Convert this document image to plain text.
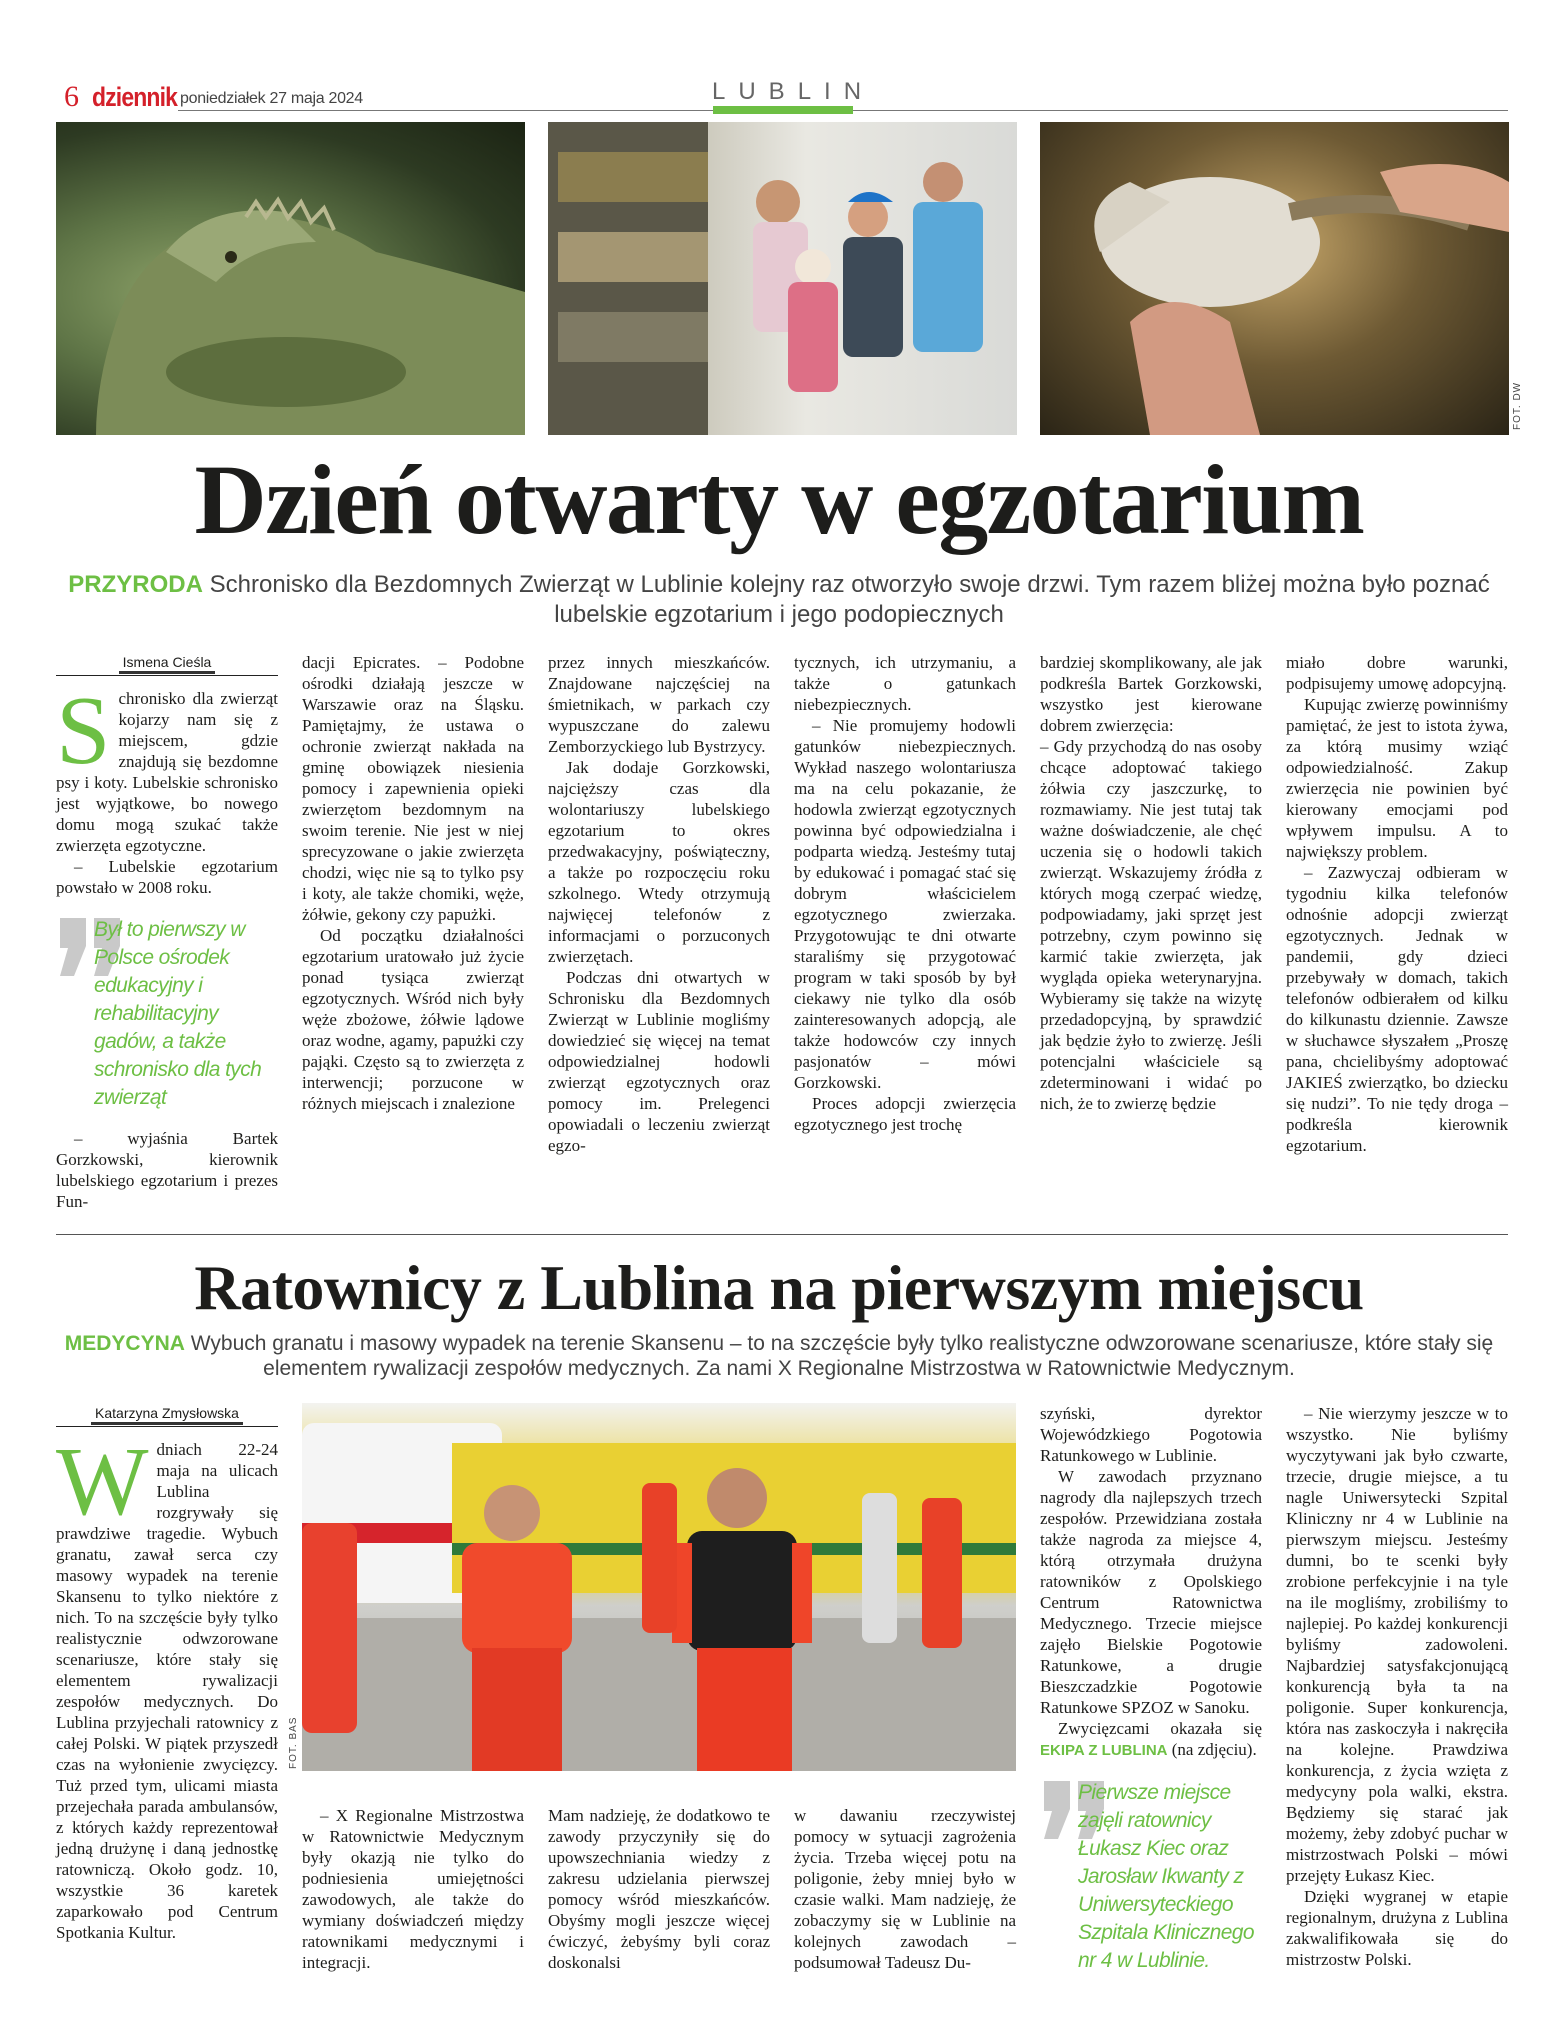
6 dziennik poniedziałek 27 maja 2024	LUBLIN
FOT. DW
Dzień otwarty w egzotarium
PRZYRODA Schronisko dla Bezdomnych Zwierząt w Lublinie kolejny raz otworzyło swoje drzwi. Tym razem bliżej można było poznać lubelskie egzotarium i jego podopiecznych
Ismena Cieśla
S chronisko dla zwierząt kojarzy nam się z miejscem, gdzie znajdują się bezdomne psy i koty. Lubelskie schronisko jest wyjątkowe, bo nowego domu mogą szukać także zwierzęta egzotyczne.

– Lubelskie egzotarium powstało w 2008 roku.

Był to pierwszy w Polsce ośrodek edukacyjny i rehabilitacyjny gadów, a także schronisko dla tych zwierząt

– wyjaśnia Bartek Gorzkowski, kierownik lubelskiego egzotarium i prezes Fun-

dacji Epicrates. – Podobne ośrodki działają jeszcze w Warszawie oraz na Śląsku. Pamiętajmy, że ustawa o ochronie zwierząt nakłada na gminę obowiązek niesienia pomocy i zapewnienia opieki zwierzętom bezdomnym na swoim terenie. Nie jest w niej sprecyzowane o jakie zwierzęta chodzi, więc nie są to tylko psy i koty, ale także chomiki, węże, żółwie, gekony czy papużki.

Od początku działalności egzotarium uratowało już życie ponad tysiąca zwierząt egzotycznych. Wśród nich były węże zbożowe, żółwie lądowe oraz wodne, agamy, papużki czy pająki. Często są to zwierzęta z interwencji; porzucone w różnych miejscach i znalezione

przez innych mieszkańców. Znajdowane najczęściej na śmietnikach, w parkach czy wypuszczane do zalewu Zemborzyckiego lub Bystrzycy.

Jak dodaje Gorzkowski, najcięższy czas dla wolontariuszy lubelskiego egzotarium to okres przedwakacyjny, poświąteczny, a także po rozpoczęciu roku szkolnego. Wtedy otrzymują najwięcej telefonów z informacjami o porzuconych zwierzętach.

Podczas dni otwartych w Schronisku dla Bezdomnych Zwierząt w Lublinie mogliśmy dowiedzieć się więcej na temat odpowiedzialnej hodowli zwierząt egzotycznych oraz pomocy im. Prelegenci opowiadali o leczeniu zwierząt egzo-

tycznych, ich utrzymaniu, a także o gatunkach niebezpiecznych.

– Nie promujemy hodowli gatunków niebezpiecznych. Wykład naszego wolontariusza ma na celu pokazanie, że hodowla zwierząt egzotycznych powinna być odpowiedzialna i podparta wiedzą. Jesteśmy tutaj by edukować i pomagać stać się dobrym właścicielem egzotycznego zwierzaka. Przygotowując te dni otwarte staraliśmy się przygotować program w taki sposób by był ciekawy nie tylko dla osób zainteresowanych adopcją, ale także hodowców czy innych pasjonatów – mówi Gorzkowski.

Proces adopcji zwierzęcia egzotycznego jest trochę

bardziej skomplikowany, ale jak podkreśla Bartek Gorzkowski, wszystko jest kierowane dobrem zwierzęcia:

– Gdy przychodzą do nas osoby chcące adoptować takiego żółwia czy jaszczurkę, to rozmawiamy. Nie jest tutaj tak ważne doświadczenie, ale chęć uczenia się o hodowli takich zwierząt. Wskazujemy źródła z których mogą czerpać wiedzę, podpowiadamy, jaki sprzęt jest potrzebny, czym powinno się karmić takie zwierzęta, jak wygląda opieka weterynaryjna. Wybieramy się także na wizytę przedadopcyjną, by sprawdzić jak będzie żyło to zwierzę. Jeśli potencjalni właściciele są zdeterminowani i widać po nich, że to zwierzę będzie

miało dobre warunki, podpisujemy umowę adopcyjną.

Kupując zwierzę powinniśmy pamiętać, że jest to istota żywa, za którą musimy wziąć odpowiedzialność. Zakup zwierzęcia nie powinien być kierowany emocjami pod wpływem impulsu. A to największy problem.

– Zazwyczaj odbieram w tygodniu kilka telefonów odnośnie adopcji zwierząt egzotycznych. Jednak w pandemii, gdy dzieci przebywały w domach, takich telefonów odbierałem od kilku do kilkunastu dziennie. Zawsze w słuchawce słyszałem „Proszę pana, chcielibyśmy adoptować JAKIEŚ zwierzątko, bo dziecku się nudzi”. To nie tędy droga – podkreśla kierownik egzotarium.

Ratownicy z Lublina na pierwszym miejscu
MEDYCYNA Wybuch granatu i masowy wypadek na terenie Skansenu – to na szczęście były tylko realistyczne odwzorowane scenariusze, które stały się elementem rywalizacji zespołów medycznych. Za nami X Regionalne Mistrzostwa w Ratownictwie Medycznym.
Katarzyna Zmysłowska
W dniach 22-24 maja na ulicach Lublina rozgrywały się prawdziwe tragedie. Wybuch granatu, zawał serca czy masowy wypadek na terenie Skansenu to tylko niektóre z nich. To na szczęście były tylko realistycznie odwzorowane scenariusze, które stały się elementem rywalizacji zespołów medycznych. Do Lublina przyjechali ratownicy z całej Polski. W piątek przyszedł czas na wyłonienie zwycięzcy. Tuż przed tym, ulicami miasta przejechała parada ambulansów, z których każdy reprezentował jedną drużynę i daną jednostkę ratowniczą. Około godz. 10, wszystkie 36 karetek zaparkowało pod Centrum Spotkania Kultur.

FOT. BAS

– X Regionalne Mistrzostwa w Ratownictwie Medycznym były okazją nie tylko do podniesienia umiejętności zawodowych, ale także do wymiany doświadczeń między ratownikami medycznymi i integracji.

Mam nadzieję, że dodatkowo te zawody przyczyniły się do upowszechniania wiedzy z zakresu udzielania pierwszej pomocy wśród mieszkańców. Obyśmy mogli jeszcze więcej ćwiczyć, żebyśmy byli coraz doskonalsi

w dawaniu rzeczywistej pomocy w sytuacji zagrożenia życia. Trzeba więcej potu na poligonie, żeby mniej było w czasie walki. Mam nadzieję, że zobaczymy się w Lublinie na kolejnych zawodach – podsumował Tadeusz Du-

szyński, dyrektor Wojewódzkiego Pogotowia Ratunkowego w Lublinie.

W zawodach przyznano nagrody dla najlepszych trzech zespołów. Przewidziana została także nagroda za miejsce 4, którą otrzymała drużyna ratowników z Opolskiego Centrum Ratownictwa Medycznego. Trzecie miejsce zajęło Bielskie Pogotowie Ratunkowe, a drugie Bieszczadzkie Pogotowie Ratunkowe SPZOZ w Sanoku.

Zwycięzcami okazała się EKIPA Z LUBLINA (na zdjęciu).

Pierwsze miejsce zajęli ratownicy Łukasz Kiec oraz Jarosław Ikwanty z Uniwersyteckiego Szpitala Klinicznego nr 4 w Lublinie.

– Nie wierzymy jeszcze w to wszystko. Nie byliśmy wyczytywani jak było czwarte, trzecie, drugie miejsce, a tu nagle Uniwersytecki Szpital Kliniczny nr 4 w Lublinie na pierwszym miejscu. Jesteśmy dumni, bo te scenki były zrobione perfekcyjnie i na tyle na ile mogliśmy, zrobiliśmy to najlepiej. Po każdej konkurencji byliśmy zadowoleni. Najbardziej satysfakcjonującą konkurencją była ta na poligonie. Super konkurencja, która nas zaskoczyła i nakręciła na kolejne. Prawdziwa konkurencja, z życia wzięta z medycyny pola walki, ekstra. Będziemy się starać jak możemy, żeby zdobyć puchar w mistrzostwach Polski – mówi przejęty Łukasz Kiec.

Dzięki wygranej w etapie regionalnym, drużyna z Lublina zakwalifikowała się do mistrzostw Polski.
